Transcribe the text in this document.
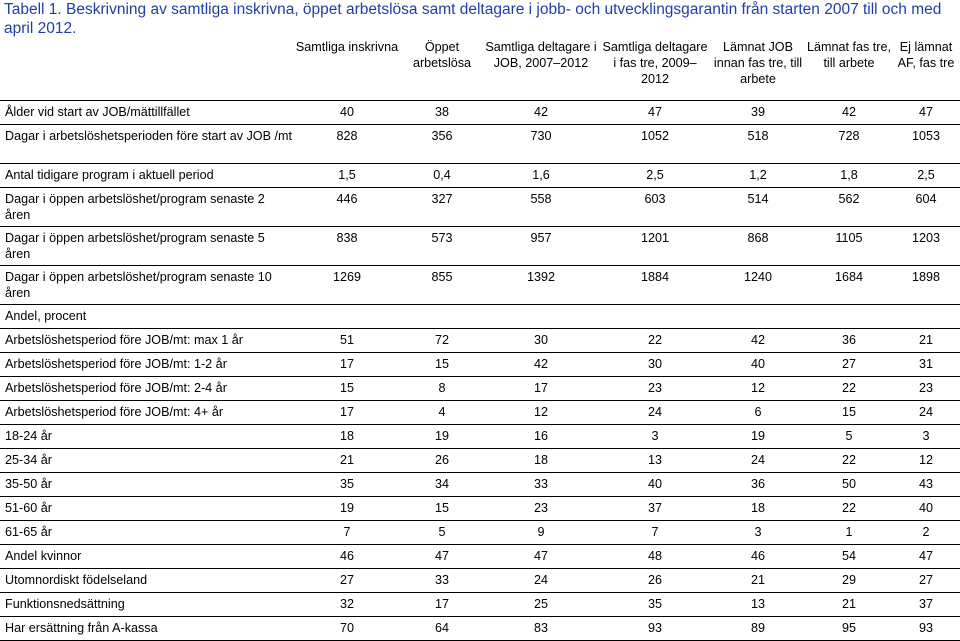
Tabell 1. Beskrivning av samtliga inskrivna, öppet arbetslösa samt deltagare i jobb- och utvecklingsgarantin från starten 2007 till och med april 2012.
	Samtliga inskrivna	Öppet arbetslösa	Samtliga deltagare i JOB, 2007–2012	Samtliga deltagare i fas tre, 2009–2012	Lämnat JOB innan fas tre, till arbete	Lämnat fas tre, till arbete	Ej lämnat AF, fas tre
Ålder vid start av JOB/mättillfället	40	38	42	47	39	42	47
Dagar i arbetslöshetsperioden före start av JOB /mt	828	356	730	1052	518	728	1053
Antal tidigare program i aktuell period	1,5	0,4	1,6	2,5	1,2	1,8	2,5
Dagar i öppen arbetslöshet/program senaste 2 åren	446	327	558	603	514	562	604
Dagar i öppen arbetslöshet/program senaste 5 åren	838	573	957	1201	868	1105	1203
Dagar i öppen arbetslöshet/program senaste 10 åren	1269	855	1392	1884	1240	1684	1898
Andel, procent							
Arbetslöshetsperiod före JOB/mt: max 1 år	51	72	30	22	42	36	21
Arbetslöshetsperiod före JOB/mt: 1-2 år	17	15	42	30	40	27	31
Arbetslöshetsperiod före JOB/mt: 2-4 år	15	8	17	23	12	22	23
Arbetslöshetsperiod före JOB/mt: 4+ år	17	4	12	24	6	15	24
18-24 år	18	19	16	3	19	5	3
25-34 år	21	26	18	13	24	22	12
35-50 år	35	34	33	40	36	50	43
51-60 år	19	15	23	37	18	22	40
61-65 år	7	5	9	7	3	1	2
Andel kvinnor	46	47	47	48	46	54	47
Utomnordiskt födelseland	27	33	24	26	21	29	27
Funktionsnedsättning	32	17	25	35	13	21	37
Har ersättning från A-kassa	70	64	83	93	89	95	93
